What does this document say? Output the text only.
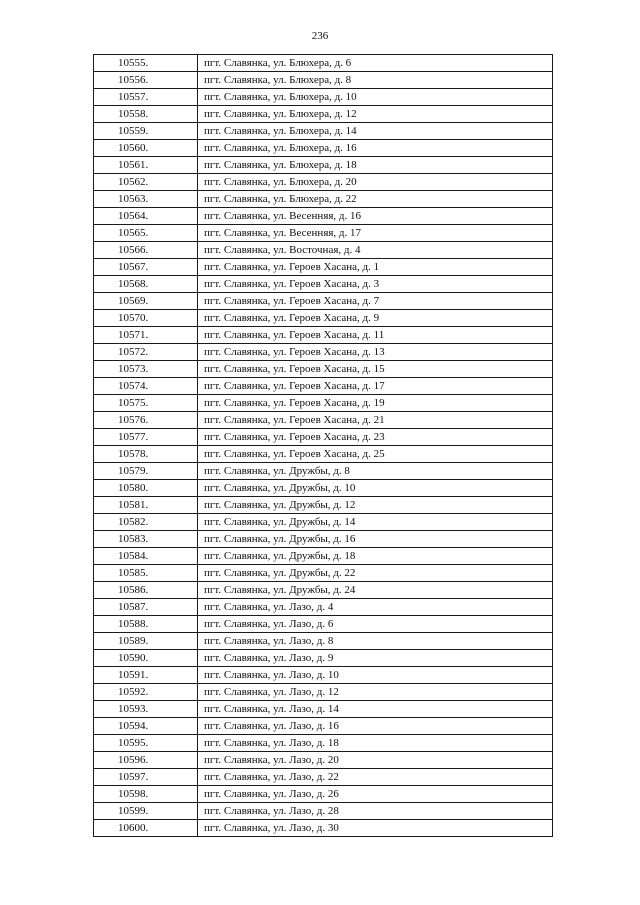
236
10555.	пгт. Славянка, ул. Блюхера, д. 6
10556.	пгт. Славянка, ул. Блюхера, д. 8
10557.	пгт. Славянка, ул. Блюхера, д. 10
10558.	пгт. Славянка, ул. Блюхера, д. 12
10559.	пгт. Славянка, ул. Блюхера, д. 14
10560.	пгт. Славянка, ул. Блюхера, д. 16
10561.	пгт. Славянка, ул. Блюхера, д. 18
10562.	пгт. Славянка, ул. Блюхера, д. 20
10563.	пгт. Славянка, ул. Блюхера, д. 22
10564.	пгт. Славянка, ул. Весенняя, д. 16
10565.	пгт. Славянка, ул. Весенняя, д. 17
10566.	пгт. Славянка, ул. Восточная, д. 4
10567.	пгт. Славянка, ул. Героев Хасана, д. 1
10568.	пгт. Славянка, ул. Героев Хасана, д. 3
10569.	пгт. Славянка, ул. Героев Хасана, д. 7
10570.	пгт. Славянка, ул. Героев Хасана, д. 9
10571.	пгт. Славянка, ул. Героев Хасана, д. 11
10572.	пгт. Славянка, ул. Героев Хасана, д. 13
10573.	пгт. Славянка, ул. Героев Хасана, д. 15
10574.	пгт. Славянка, ул. Героев Хасана, д. 17
10575.	пгт. Славянка, ул. Героев Хасана, д. 19
10576.	пгт. Славянка, ул. Героев Хасана, д. 21
10577.	пгт. Славянка, ул. Героев Хасана, д. 23
10578.	пгт. Славянка, ул. Героев Хасана, д. 25
10579.	пгт. Славянка, ул. Дружбы, д. 8
10580.	пгт. Славянка, ул. Дружбы, д. 10
10581.	пгт. Славянка, ул. Дружбы, д. 12
10582.	пгт. Славянка, ул. Дружбы, д. 14
10583.	пгт. Славянка, ул. Дружбы, д. 16
10584.	пгт. Славянка, ул. Дружбы, д. 18
10585.	пгт. Славянка, ул. Дружбы, д. 22
10586.	пгт. Славянка, ул. Дружбы, д. 24
10587.	пгт. Славянка, ул. Лазо, д. 4
10588.	пгт. Славянка, ул. Лазо, д. 6
10589.	пгт. Славянка, ул. Лазо, д. 8
10590.	пгт. Славянка, ул. Лазо, д. 9
10591.	пгт. Славянка, ул. Лазо, д. 10
10592.	пгт. Славянка, ул. Лазо, д. 12
10593.	пгт. Славянка, ул. Лазо, д. 14
10594.	пгт. Славянка, ул. Лазо, д. 16
10595.	пгт. Славянка, ул. Лазо, д. 18
10596.	пгт. Славянка, ул. Лазо, д. 20
10597.	пгт. Славянка, ул. Лазо, д. 22
10598.	пгт. Славянка, ул. Лазо, д. 26
10599.	пгт. Славянка, ул. Лазо, д. 28
10600.	пгт. Славянка, ул. Лазо, д. 30
